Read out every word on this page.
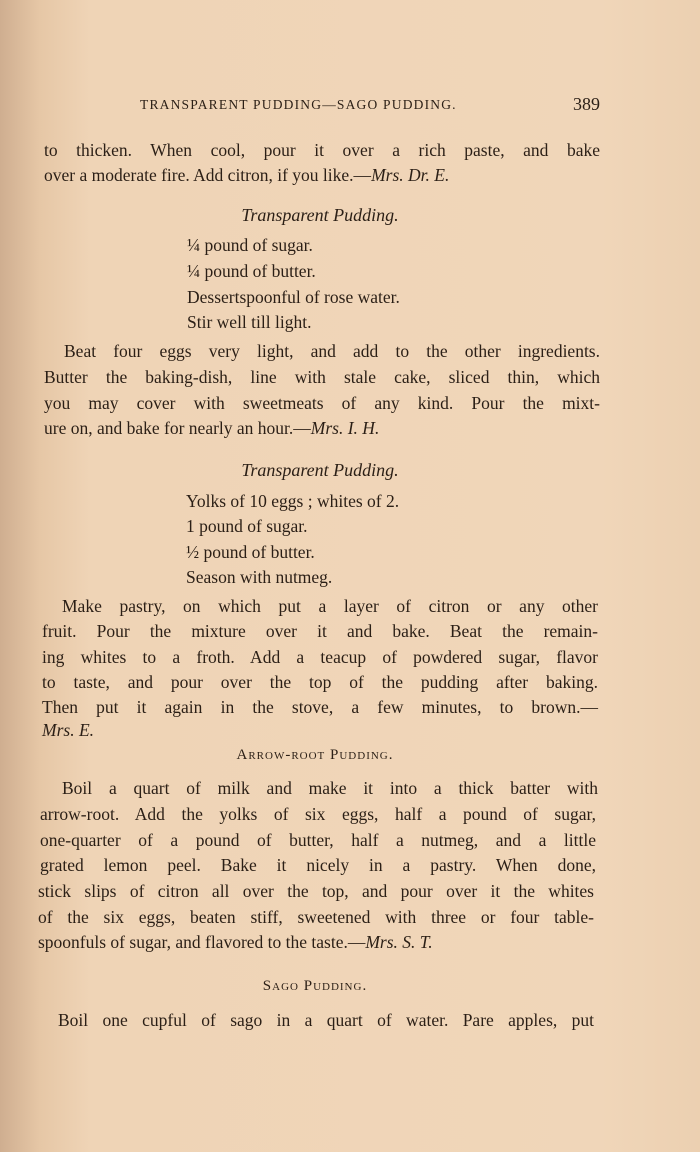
TRANSPARENT PUDDING—SAGO PUDDING.	389
to thicken. When cool, pour it over a rich paste, and bake
over a moderate fire. Add citron, if you like.—Mrs. Dr. E.
Transparent Pudding.
¼ pound of sugar.
¼ pound of butter.
Dessertspoonful of rose water.
Stir well till light.
Beat four eggs very light, and add to the other ingredients.
Butter the baking-dish, line with stale cake, sliced thin, which
you may cover with sweetmeats of any kind. Pour the mixt-
ure on, and bake for nearly an hour.—Mrs. I. H.
Transparent Pudding.
Yolks of 10 eggs ; whites of 2.
1 pound of sugar.
½ pound of butter.
Season with nutmeg.
Make pastry, on which put a layer of citron or any other
fruit. Pour the mixture over it and bake. Beat the remain-
ing whites to a froth. Add a teacup of powdered sugar, flavor
to taste, and pour over the top of the pudding after baking.
Then put it again in the stove, a few minutes, to brown.—
Mrs. E.
Arrow-root Pudding.
Boil a quart of milk and make it into a thick batter with
arrow-root. Add the yolks of six eggs, half a pound of sugar,
one-quarter of a pound of butter, half a nutmeg, and a little
grated lemon peel. Bake it nicely in a pastry. When done,
stick slips of citron all over the top, and pour over it the whites
of the six eggs, beaten stiff, sweetened with three or four table-
spoonfuls of sugar, and flavored to the taste.—Mrs. S. T.
Sago Pudding.
Boil one cupful of sago in a quart of water. Pare apples, put
